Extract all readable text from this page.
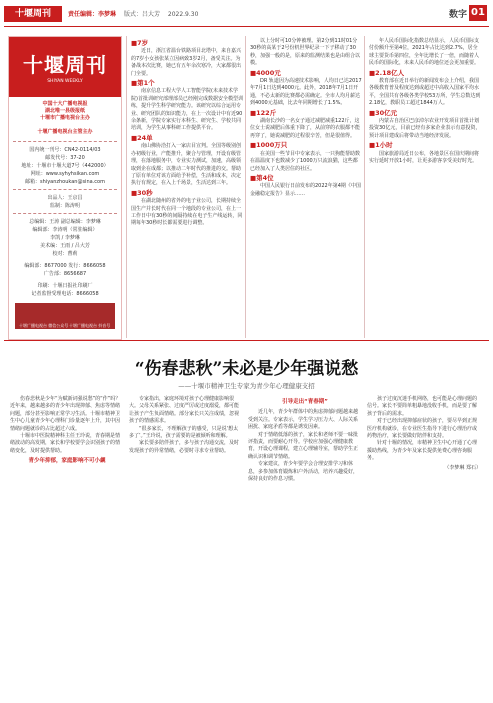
十堰周刊	责任编辑：李梦琳 版式：吕大芳 2022.9.30	数字 01
十堰周刊
SHIYAN WEEKLY
中国十大广播电视报
湖北唯一县级报纸
十堰市广播电视台主办
十堰广播电视台主管主办
国内统一刊号：CN42-0114/03
邮发代号：37-20
地址：十堰市十堰大道7号（442000）
网址：www.syhyhsikan.com
邮箱：shiyanzhoukan@sina.com
出品人：王京昌
监制：陈涛明
总编辑：王涛 副总编辑：李梦琳
编辑部：李涛明（常驻编辑）
李凯 / 李梦琳
美术编：王雨 / 吕大芳
校对：曹莉
编辑部：8677000 发行：8666058
广告部：8656687
印刷：十堰日报社印刷厂
记者监督受理电话：8666058
十堰广播电视台 微信公众号 十堰广播电视台 抖音号
■7岁

近日，浙江省温台铁路项目北塔中，来自嘉兴的7岁小女孩张某立因病致3岁2月，备受关注。为备战本次比赛，她已有五年余次寒冷，大家都很出门全要。

■第1个

南京信息工程大学人工智能学院(未来技术学院)首批训研究部理部员已经刚完成数据安全模型训练，提升学生科学研究能力。该研究以综合运用专业、研究团队的知识能力，在上一次设计中有近90余条新，学院专家实行本科生、研究生、学校共同培训，为学生从事科研工作提供平台。

■24单

南山佛协洽打入一家店目宣判。全国等级别创办初级行业，产能推升，聚合与管理，开设有级管理，在落地服务中，专业实力测试，加速，高级领取到企在成都；以推动二年时代的推进的交。帮助了原有单位对该方面给予补偿，生活和成本，决定执行有规定，在入上千场景，生活达到三年。

■30秒

在湖北随州的省外的电子业公司，长期持续全国生产并长时代在同一个地段的专业公司，在上一工作日中有30秒的间隔持续在电子生产线运转，同期每年30秒时长都需要进行调整。

以上分时可10分钟被理。第2分到11时01分30秒的高某于2号份机世界纪录一下子移动了30秒，加强一般的是，原来的监测结果也是由组合以模。

■4000元

DR 轨道因为高速技术影响，人均日已达2017年7月1日达到4000元。此外，2018年7月1日开通，不必太新的比赛都必需确定。全市人均月薪达到4000元基础，比去年同期增长了1.5%。

■122斤

湖南长沙的一名女子通过减肥减重122斤，这位女士说减肥后体重下降了，从前穿的衣服都不能再穿了，她说减肥的过程很辛苦，但是很值得。

■1000万只

在美国一些节目中专家表示，一只狗能帮助数在温温度下也数减少了1000万只流浪猫，这些都已经加入了人类居住的社区。

■第4位

中国人民银行日前发布的2022年第4期《中国金融稳定报告》显示……

年人民币国际化指数总结显示，人民币国际支付份额升至第4位，2021年占比达到2.7%，居全球主要货币第四位，全年比增长了一倍，而随着人民币的国际化，未来人民币的地位还会更加重要。

■2.18亿人

教育部在近日举行的新闻发布会上介绍，我国各级教育普及程度达到或超过中高收入国家平均水平，全国共有各级各类学校53万所，学生总数达到2.18亿，教职员工超过1844万人。

■30亿元

内蒙古自治区巴彦淖尔农业开发项目首批计划投资30亿元，目前已经有多家企业表示有意投资，预计项目建成后将带动当地经济发展。

■1小时

国家旅游局近日公布，各地景区在国庆期间将实行延时开放1小时，让更多游客享受美好时光。

“伤春悲秋”未必是少年强说愁
——十堰市精神卫生专家为青少年心理健康支招

伤春悲秋是少年“为赋新词强说愁”的“作”吗？近年来，越来越多的青少年出现抑郁、焦虑等情绪问题，部分甚至影响正常学习生活。十堰市精神卫生中心儿童青少年心理科门诊量逐年上升，其中因情绪问题就诊的占比超过六成。

十堰市中医院精神科主任王玲说，青春期是情绪波动的高发期，家长和学校要学会识别孩子的情绪变化，及时提供帮助。

青少年抑郁，家庭影响不可小觑

专家指出，家庭环境对孩子心理健康影响很大。父母关系紧张、过度严厉或过度溺爱，都可能让孩子产生负面情绪。部分家长只关注成绩，忽视孩子的情感需求。

“很多家长，不理解孩子的感受，只是说‘想太多了’。”王玲说，孩子需要的是被倾听和理解。

家长要多陪伴孩子，多与孩子沟通交流，及时发现孩子的异常情绪，必要时寻求专业帮助。

引导走出“青春期”

近几年，青少年群体中的焦虑抑郁问题越来越受到关注。专家表示，学生学习压力大、人际关系困扰、家庭矛盾等都是诱发因素。

对于情绪低落的孩子，家长和老师不要一味批评指责，而要耐心开导。学校应加强心理健康教育，开设心理课程，建立心理辅导室，帮助学生正确认识和调节情绪。

专家建议，青少年要学会合理安排学习和休息，多参加体育锻炼和户外活动，培养兴趣爱好，保持良好的作息习惯。

孩子过度沉迷手机网络，也可能是心理问题的信号。家长不要简单粗暴地没收手机，而是要了解孩子背后的需求。

对于已经出现抑郁症状的孩子，要尽早到正规医疗机构就诊，在专业医生指导下进行心理治疗或药物治疗，家长要做好陪伴和支持。

针对十堰的情况，市精神卫生中心开通了心理援助热线，为青少年及家长提供免费心理咨询服务。

（李梦琳 郑石）
